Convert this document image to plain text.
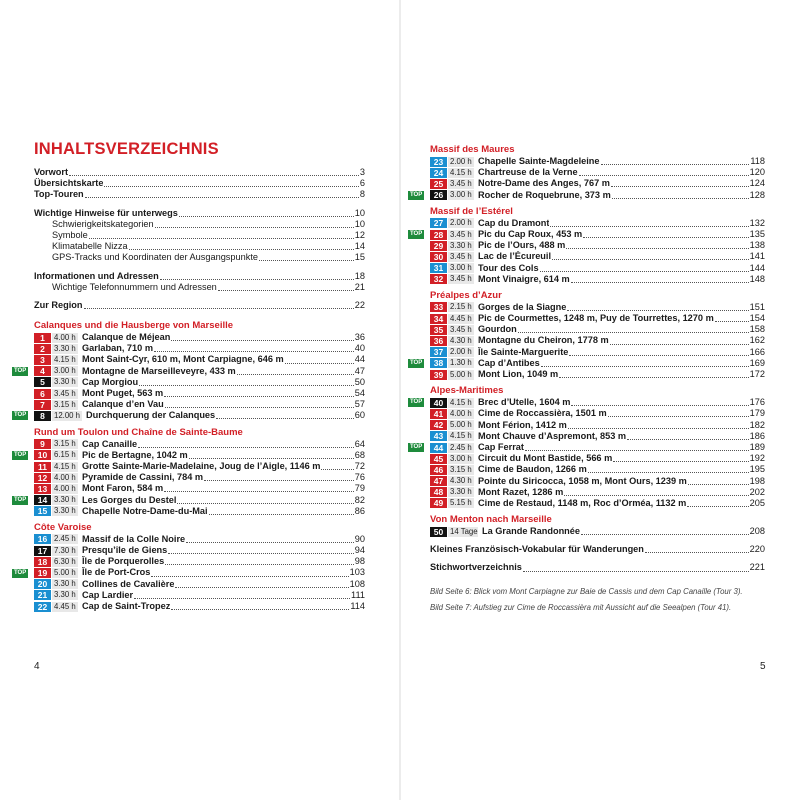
INHALTSVERZEICHNIS
Vorwort	3
Übersichtskarte	6
Top-Touren	8
Wichtige Hinweise für unterwegs	10
Schwierigkeitskategorien	10
Symbole	12
Klimatabelle Nizza	14
GPS-Tracks und Koordinaten der Ausgangspunkte	15
Informationen und Adressen	18
Wichtige Telefonnummern und Adressen	21
Zur Region	22
Calanques und die Hausberge von Marseille
1	4.00 h Calanque de Méjean	36
2	3.30 h Garlaban, 710 m	40
3	4.15 h Mont Saint-Cyr, 610 m, Mont Carpiagne, 646 m	44
TOP	4	3.00 h Montagne de Marseilleveyre, 433 m	47
5	3.30 h Cap Morgiou	50
6	3.45 h Mont Puget, 563 m	54
7	3.15 h Calanque d’en Vau	57
TOP	8	12.00 h Durchquerung der Calanques	60
Rund um Toulon und Chaîne de Sainte-Baume
9	3.15 h Cap Canaille	64
TOP	10 6.15 h Pic de Bertagne, 1042 m	68
11 4.15 h Grotte Sainte-Marie-Madelaine, Joug de l’Aigle, 1146 m	72
12 4.00 h Pyramide de Cassini, 784 m	76
13 4.00 h Mont Faron, 584 m	79
TOP	14 3.30 h Les Gorges du Destel	82
15 3.30 h Chapelle Notre-Dame-du-Mai	86
Côte Varoise
16 2.45 h Massif de la Colle Noire	90
17 7.30 h Presqu’île de Giens	94
18 6.30 h Île de Porquerolles	98
TOP	19 5.00 h Île de Port-Cros	103
20 3.30 h Collines de Cavalière	108
21 3.30 h Cap Lardier	111
22 4.45 h Cap de Saint-Tropez	114
4
Massif des Maures
23 2.00 h Chapelle Sainte-Magdeleine	118
24 4.15 h Chartreuse de la Verne	120
25 3.45 h Notre-Dame des Anges, 767 m	124
TOP	26 3.00 h Rocher de Roquebrune, 373 m	128
Massif de l’Estérel
27 2.00 h Cap du Dramont	132
TOP	28 3.45 h Pic du Cap Roux, 453 m	135
29 3.30 h Pic de l’Ours, 488 m	138
30 3.45 h Lac de l’Écureuil	141
31 3.00 h Tour des Cols	144
32 3.45 h Mont Vinaigre, 614 m	148
Préalpes d’Azur
33 2.15 h Gorges de la Siagne	151
34 4.45 h Pic de Courmettes, 1248 m, Puy de Tourrettes, 1270 m	154
35 3.45 h Gourdon	158
36 4.30 h Montagne du Cheiron, 1778 m	162
37 2.00 h Île Sainte-Marguerite	166
TOP	38 1.30 h Cap d’Antibes	169
39 5.00 h Mont Lion, 1049 m	172
Alpes-Maritimes
TOP	40 4.15 h Brec d’Utelle, 1604 m	176
41 4.00 h Cime de Roccassièra, 1501 m	179
42 5.00 h Mont Férion, 1412 m	182
43 4.15 h Mont Chauve d’Aspremont, 853 m	186
TOP	44 2.45 h Cap Ferrat	189
45 3.00 h Circuit du Mont Bastide, 566 m	192
46 3.15 h Cime de Baudon, 1266 m	195
47 4.30 h Pointe du Siricocca, 1058 m, Mont Ours, 1239 m	198
48 3.30 h Mont Razet, 1286 m	202
49 5.15 h Cime de Restaud, 1148 m, Roc d’Orméa, 1132 m	205
Von Menton nach Marseille
50 14 Tage La Grande Randonnée	208
Kleines Französisch-Vokabular für Wanderungen	220
Stichwortverzeichnis	221
Bild Seite 6: Blick vom Mont Carpiagne zur Baie de Cassis und dem Cap Canaille (Tour 3).
Bild Seite 7: Aufstieg zur Cime de Roccassièra mit Aussicht auf die Seealpen (Tour 41).
5
